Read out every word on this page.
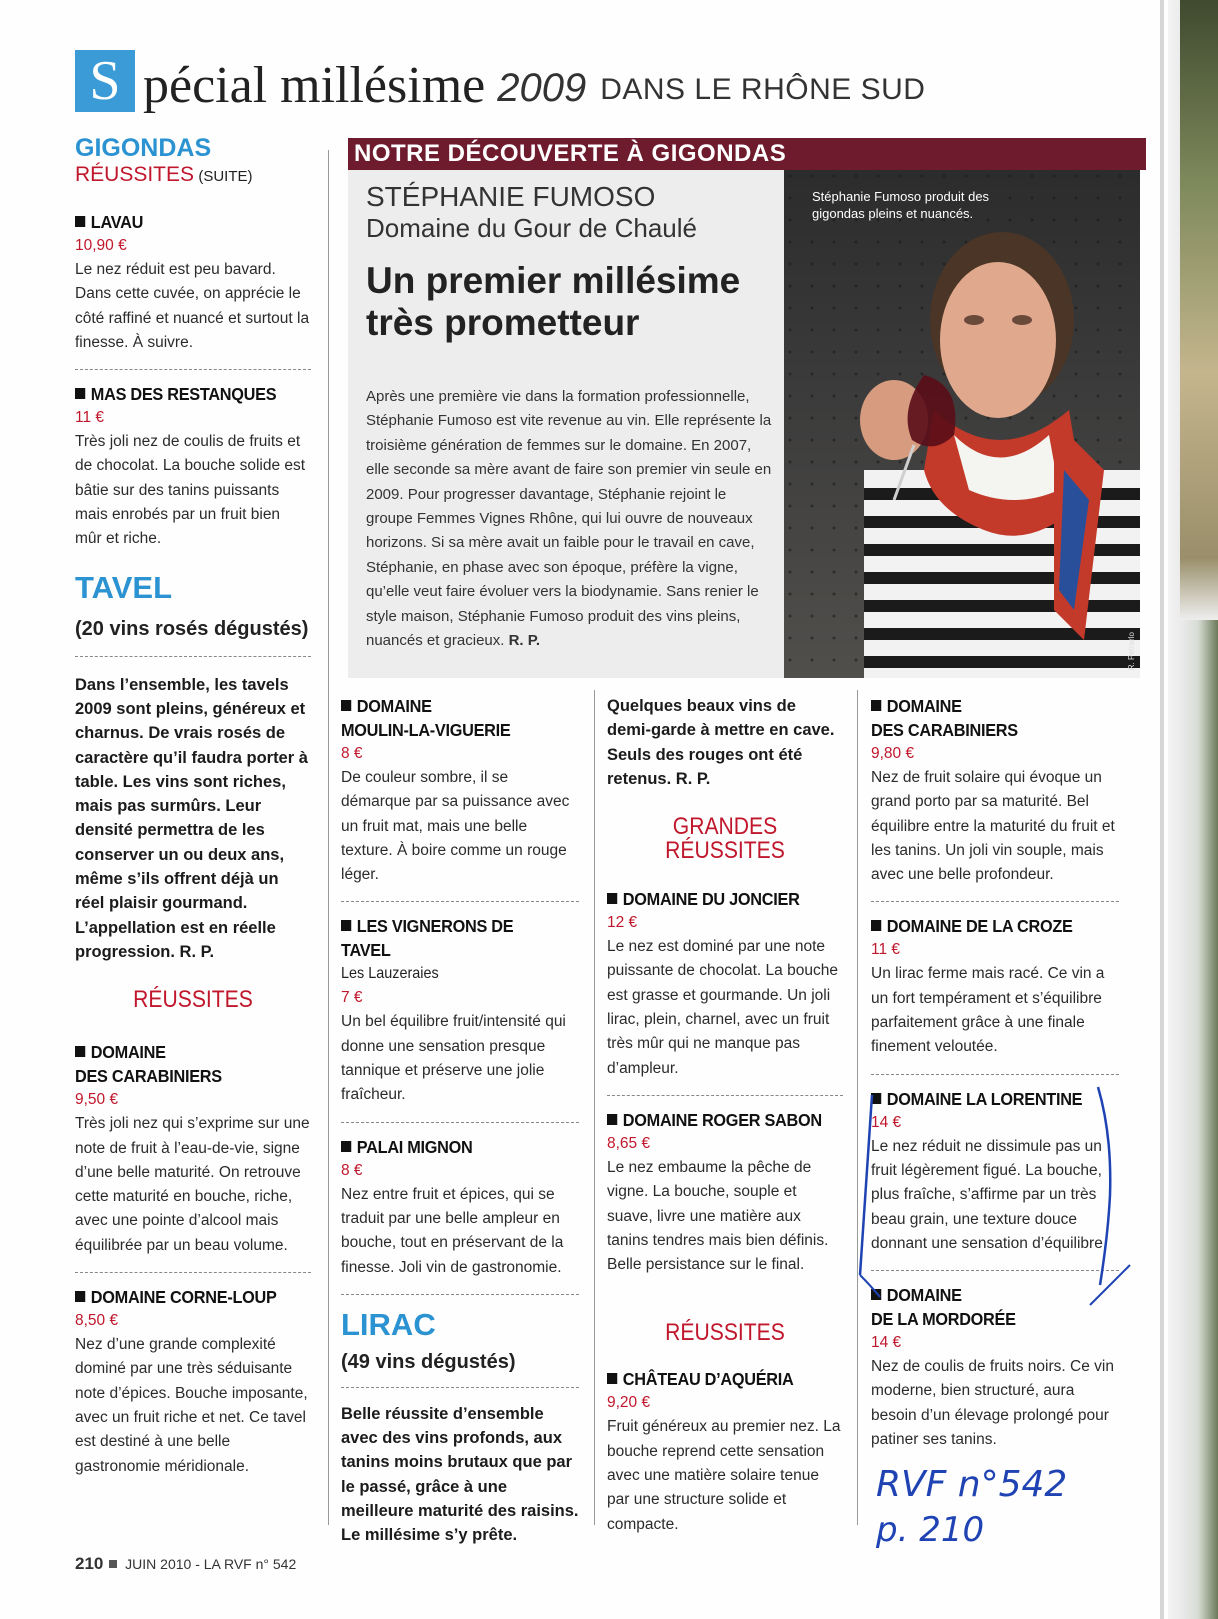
S pécial millésime 2009 DANS LE RHÔNE SUD
GIGONDAS
RÉUSSITES (SUITE)
LAVAU
10,90 €

Le nez réduit est peu bavard. Dans cette cuvée, on apprécie le côté raffiné et nuancé et surtout la finesse. À suivre.

MAS DES RESTANQUES
11 €

Très joli nez de coulis de fruits et de chocolat. La bouche solide est bâtie sur des tanins puissants mais enrobés par un fruit bien mûr et riche.

TAVEL
(20 vins rosés dégustés)

Dans l’ensemble, les tavels 2009 sont pleins, généreux et charnus. De vrais rosés de caractère qu’il faudra porter à table. Les vins sont riches, mais pas surmûrs. Leur densité permettra de les conserver un ou deux ans, même s’ils offrent déjà un réel plaisir gourmand. L’appellation est en réelle progression. R. P.

RÉUSSITES
DOMAINE
DES CARABINIERS
9,50 €

Très joli nez qui s’exprime sur une note de fruit à l’eau-de-vie, signe d’une belle maturité. On retrouve cette maturité en bouche, riche, avec une pointe d’alcool mais équilibrée par un beau volume.

DOMAINE CORNE-LOUP
8,50 €

Nez d’une grande complexité dominé par une très séduisante note d’épices. Bouche imposante, avec un fruit riche et net. Ce tavel est destiné à une belle gastronomie méridionale.

NOTRE DÉCOUVERTE À GIGONDAS
STÉPHANIE FUMOSO
Domaine du Gour de Chaulé
Un premier millésime très prometteur

Après une première vie dans la formation professionnelle, Stéphanie Fumoso est vite revenue au vin. Elle représente la troisième génération de femmes sur le domaine. En 2007, elle seconde sa mère avant de faire son premier vin seule en 2009. Pour progresser davantage, Stéphanie rejoint le groupe Femmes Vignes Rhône, qui lui ouvre de nouveaux horizons. Si sa mère avait un faible pour le travail en cave, Stéphanie, en phase avec son époque, préfère la vigne, qu’elle veut faire évoluer vers la biodynamie. Sans renier le style maison, Stéphanie Fumoso produit des vins pleins, nuancés et gracieux. R. P.

Stéphanie Fumoso produit des gigondas pleins et nuancés.
R. Petrarlo
DOMAINE
MOULIN-LA-VIGUERIE
8 €

De couleur sombre, il se démarque par sa puissance avec un fruit mat, mais une belle texture. À boire comme un rouge léger.

LES VIGNERONS DE TAVEL
Les Lauzeraies
7 €

Un bel équilibre fruit/intensité qui donne une sensation presque tannique et préserve une jolie fraîcheur.

PALAI MIGNON
8 €

Nez entre fruit et épices, qui se traduit par une belle ampleur en bouche, tout en préservant de la finesse. Joli vin de gastronomie.

LIRAC
(49 vins dégustés)

Belle réussite d’ensemble avec des vins profonds, aux tanins moins brutaux que par le passé, grâce à une meilleure maturité des raisins. Le millésime s’y prête.

Quelques beaux vins de demi-garde à mettre en cave. Seuls des rouges ont été retenus. R. P.

GRANDES RÉUSSITES
DOMAINE DU JONCIER
12 €

Le nez est dominé par une note puissante de chocolat. La bouche est grasse et gourmande. Un joli lirac, plein, charnel, avec un fruit très mûr qui ne manque pas d’ampleur.

DOMAINE ROGER SABON
8,65 €

Le nez embaume la pêche de vigne. La bouche, souple et suave, livre une matière aux tanins tendres mais bien définis. Belle persistance sur le final.

RÉUSSITES
CHÂTEAU D’AQUÉRIA
9,20 €

Fruit généreux au premier nez. La bouche reprend cette sensation avec une matière solaire tenue par une structure solide et compacte.

DOMAINE
DES CARABINIERS
9,80 €

Nez de fruit solaire qui évoque un grand porto par sa maturité. Bel équilibre entre la maturité du fruit et les tanins. Un joli vin souple, mais avec une belle profondeur.

DOMAINE DE LA CROZE
11 €

Un lirac ferme mais racé. Ce vin a un fort tempérament et s’équilibre parfaitement grâce à une finale finement veloutée.

DOMAINE LA LORENTINE
14 €

Le nez réduit ne dissimule pas un fruit légèrement figué. La bouche, plus fraîche, s’affirme par un très beau grain, une texture douce donnant une sensation d’équilibre.

DOMAINE
DE LA MORDORÉE
14 €

Nez de coulis de fruits noirs. Ce vin moderne, bien structuré, aura besoin d’un élevage prolongé pour patiner ses tanins.

RVF n°542
p. 210
210 JUIN 2010 - LA RVF n° 542
